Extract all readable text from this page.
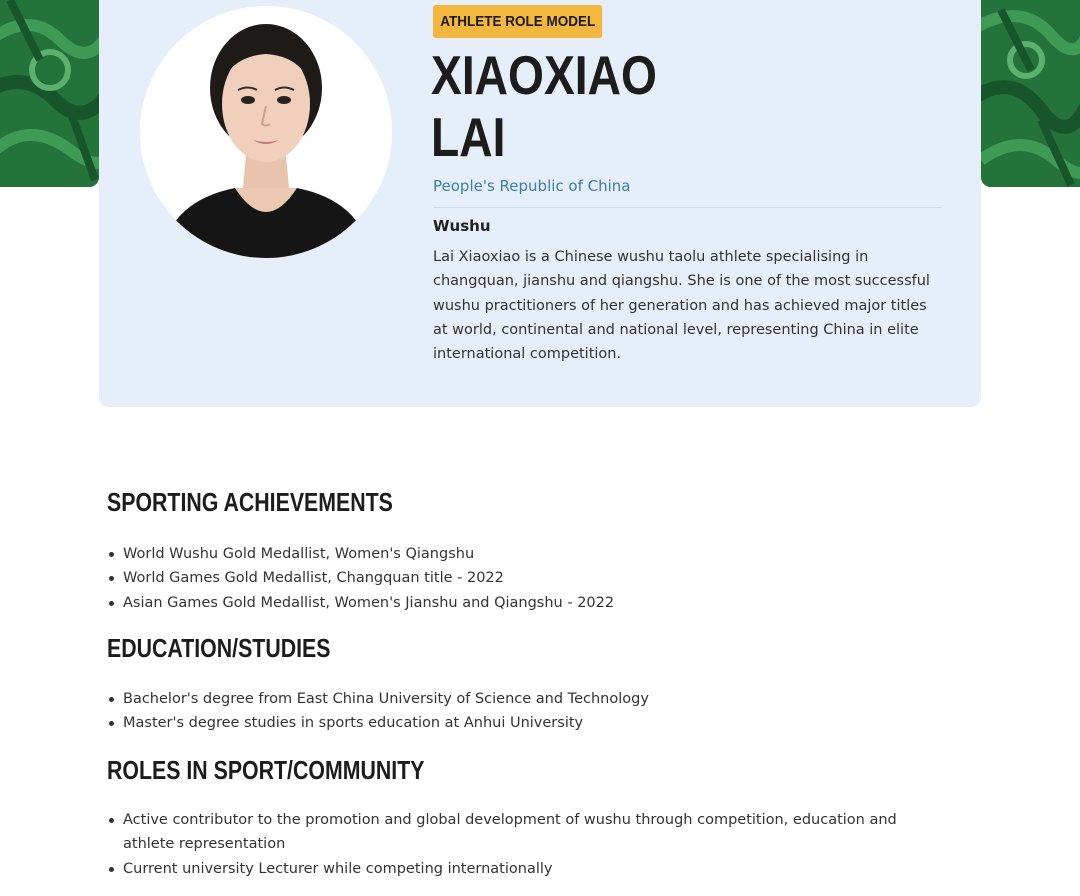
ATHLETE ROLE MODEL
XIAOXIAO
LAI
People's Republic of China
Wushu
Lai Xiaoxiao is a Chinese wushu taolu athlete specialising in changquan, jianshu and qiangshu. She is one of the most successful wushu practitioners of her generation and has achieved major titles at world, continental and national level, representing China in elite international competition.
SPORTING ACHIEVEMENTS
World Wushu Gold Medallist, Women's Qiangshu
World Games Gold Medallist, Changquan title - 2022
Asian Games Gold Medallist, Women's Jianshu and Qiangshu - 2022
EDUCATION/STUDIES
Bachelor's degree from East China University of Science and Technology
Master's degree studies in sports education at Anhui University
ROLES IN SPORT/COMMUNITY
Active contributor to the promotion and global development of wushu through competition, education and athlete representation
Current university Lecturer while competing internationally
